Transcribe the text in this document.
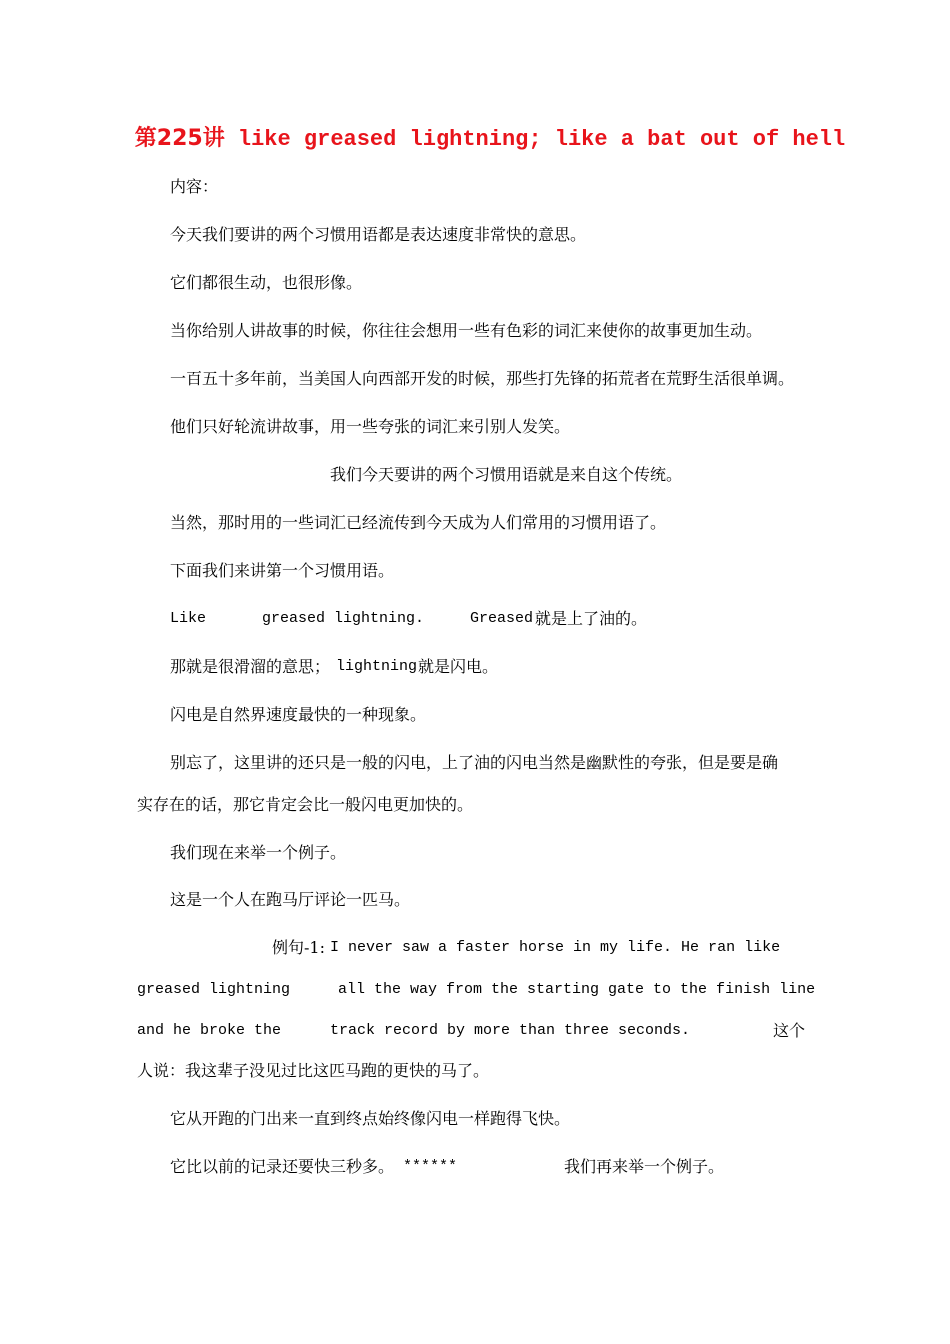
第225讲 like greased lightning; like a bat out of hell
内容：
今天我们要讲的两个习惯用语都是表达速度非常快的意思。
它们都很生动，也很形像。
当你给别人讲故事的时候，你往往会想用一些有色彩的词汇来使你的故事更加生动。
一百五十多年前，当美国人向西部开发的时候，那些打先锋的拓荒者在荒野生活很单调。
他们只好轮流讲故事，用一些夸张的词汇来引别人发笑。
我们今天要讲的两个习惯用语就是来自这个传统。
当然，那时用的一些词汇已经流传到今天成为人们常用的习惯用语了。
下面我们来讲第一个习惯用语。
Like	greased lightning.	Greased 就是上了油的。
那就是很滑溜的意思； lightning 就是闪电。
闪电是自然界速度最快的一种现象。
别忘了，这里讲的还只是一般的闪电，上了油的闪电当然是幽默性的夸张，但是要是确
实存在的话，那它肯定会比一般闪电更加快的。
我们现在来举一个例子。
这是一个人在跑马厅评论一匹马。
例句-1: I never saw a faster horse in my life. He ran like
greased lightning	all the way from the starting gate to the finish line
and he broke the	track record by more than three seconds.	这个
人说：我这辈子没见过比这匹马跑的更快的马了。
它从开跑的门出来一直到终点始终像闪电一样跑得飞快。
它比以前的记录还要快三秒多。 ******	我们再来举一个例子。
